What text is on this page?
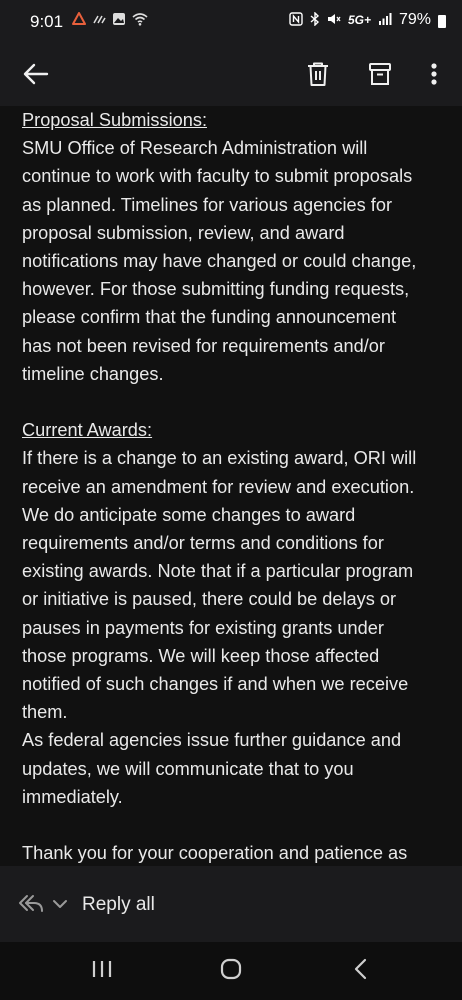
9:01	5G+ 79%

Proposal Submissions:

SMU Office of Research Administration will

continue to work with faculty to submit proposals

as planned. Timelines for various agencies for

proposal submission, review, and award

notifications may have changed or could change,

however. For those submitting funding requests,

please confirm that the funding announcement

has not been revised for requirements and/or

timeline changes.

Current Awards:

If there is a change to an existing award, ORI will

receive an amendment for review and execution.

We do anticipate some changes to award

requirements and/or terms and conditions for

existing awards. Note that if a particular program

or initiative is paused, there could be delays or

pauses in payments for existing grants under

those programs. We will keep those affected

notified of such changes if and when we receive

them.

As federal agencies issue further guidance and

updates, we will communicate that to you

immediately.

Thank you for your cooperation and patience as

Reply all
